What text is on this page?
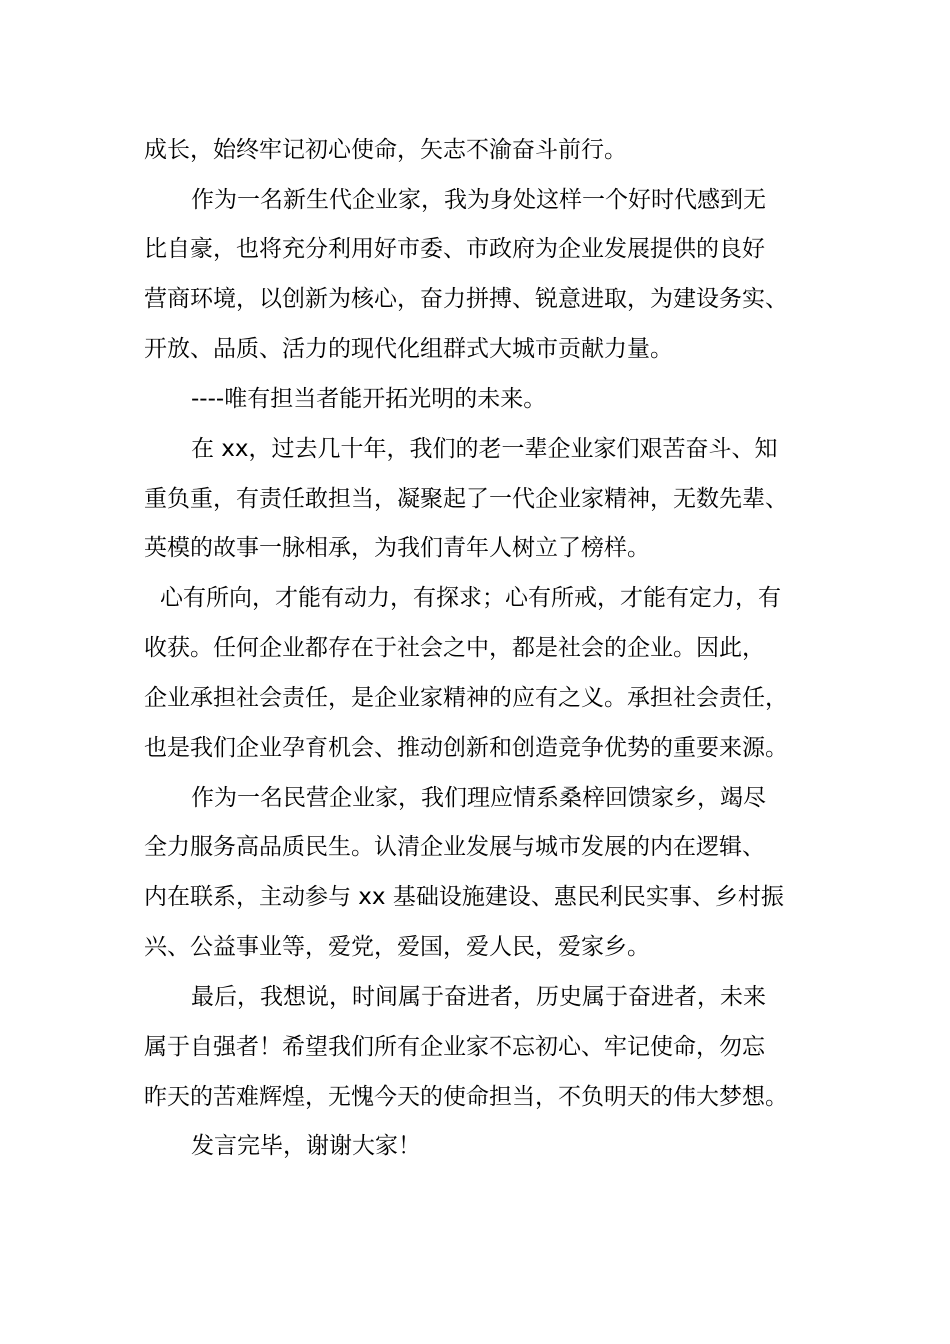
成长，始终牢记初心使命，矢志不渝奋斗前行。
作为一名新生代企业家，我为身处这样一个好时代感到无
比自豪，也将充分利用好市委、市政府为企业发展提供的良好
营商环境，以创新为核心，奋力拼搏、锐意进取，为建设务实、
开放、品质、活力的现代化组群式大城市贡献力量。
----唯有担当者能开拓光明的未来。
在 xx，过去几十年，我们的老一辈企业家们艰苦奋斗、知
重负重，有责任敢担当，凝聚起了一代企业家精神，无数先辈、
英模的故事一脉相承，为我们青年人树立了榜样。
心有所向，才能有动力，有探求；心有所戒，才能有定力，有
收获。任何企业都存在于社会之中，都是社会的企业。因此，
企业承担社会责任，是企业家精神的应有之义。承担社会责任，
也是我们企业孕育机会、推动创新和创造竞争优势的重要来源。
作为一名民营企业家，我们理应情系桑梓回馈家乡，竭尽
全力服务高品质民生。认清企业发展与城市发展的内在逻辑、
内在联系，主动参与 xx 基础设施建设、惠民利民实事、乡村振
兴、公益事业等，爱党，爱国，爱人民，爱家乡。
最后，我想说，时间属于奋进者，历史属于奋进者，未来
属于自强者！希望我们所有企业家不忘初心、牢记使命，勿忘
昨天的苦难辉煌，无愧今天的使命担当，不负明天的伟大梦想。
发言完毕，谢谢大家！
